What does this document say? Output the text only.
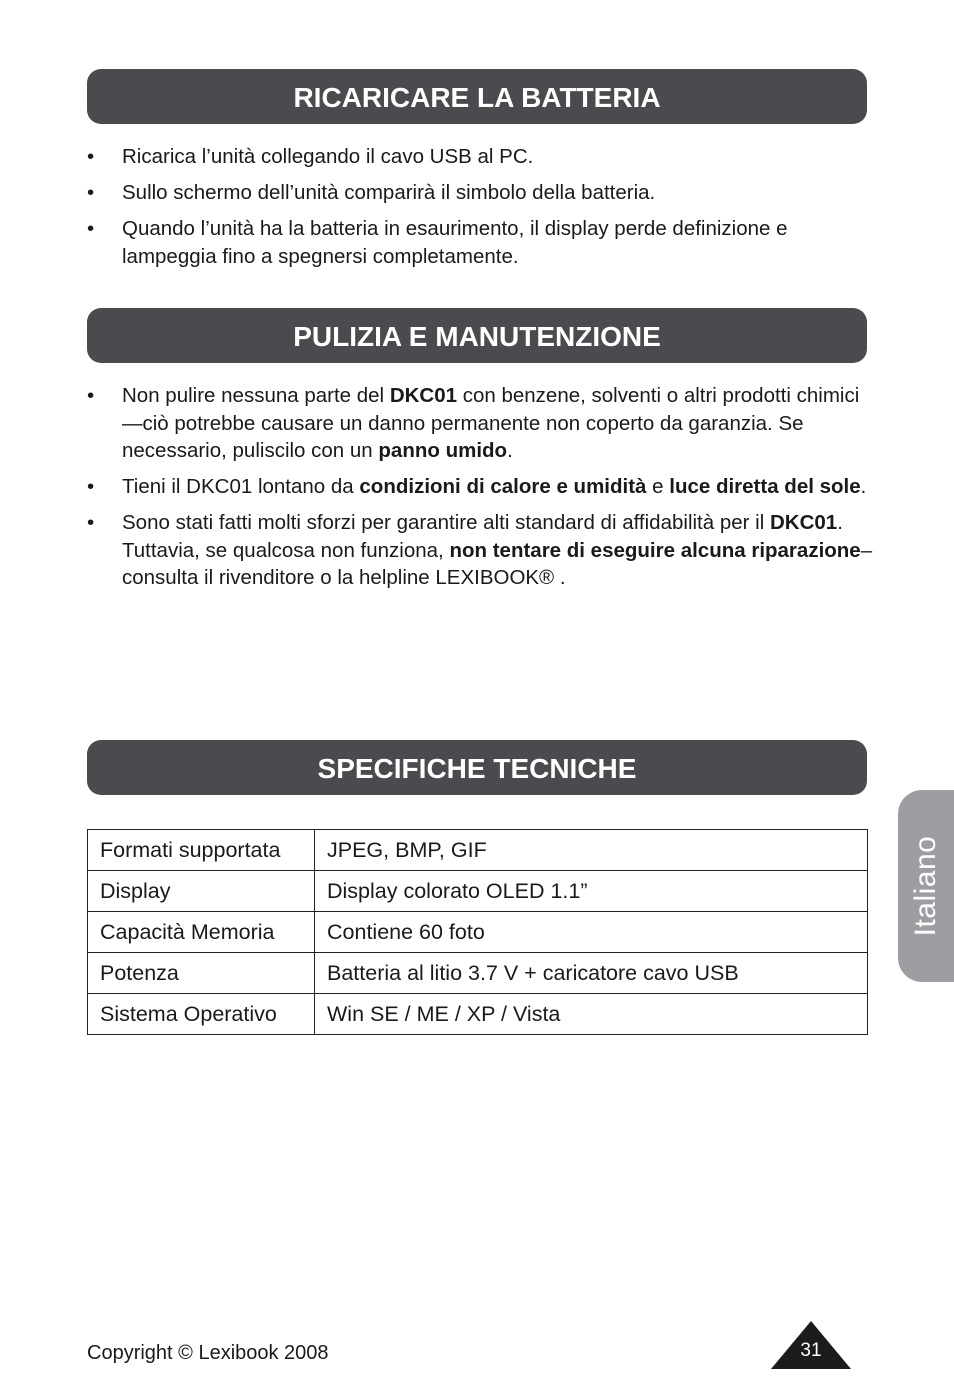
RICARICARE LA BATTERIA
• Ricarica l’unità collegando il cavo USB al PC.
• Sullo schermo dell’unità comparirà il simbolo della batteria.
• Quando l’unità ha la batteria in esaurimento, il display perde definizione e lampeggia fino a spegnersi completamente.
PULIZIA E MANUTENZIONE
• Non pulire nessuna parte del DKC01 con benzene, solventi o altri prodotti chimici—ciò potrebbe causare un danno permanente non coperto da garanzia. Se necessario, puliscilo con un panno umido.
• Tieni il DKC01 lontano da condizioni di calore e umidità e luce diretta del sole.
• Sono stati fatti molti sforzi per garantire alti standard di affidabilità per il DKC01. Tuttavia, se qualcosa non funziona, non tentare di eseguire alcuna riparazione– consulta il rivenditore o la helpline LEXIBOOK® .
SPECIFICHE TECNICHE
Formati supportata	JPEG, BMP, GIF
Display	Display colorato OLED 1.1”
Capacità Memoria	Contiene 60 foto
Potenza	Batteria al litio 3.7 V + caricatore cavo USB
Sistema Operativo	Win SE / ME / XP / Vista
Italiano
Copyright © Lexibook 2008	31
